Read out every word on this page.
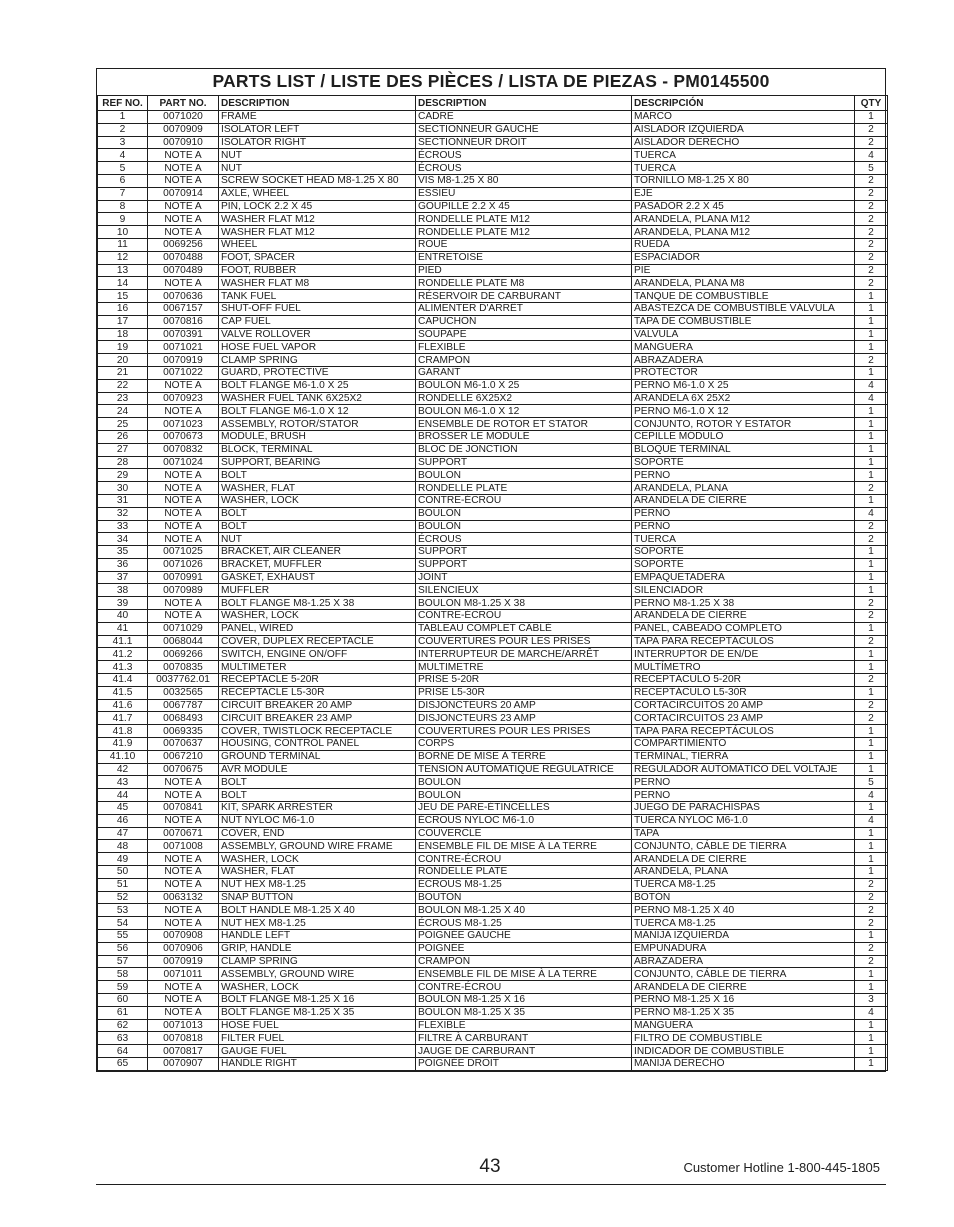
PARTS LIST / LISTE DES PIÈCES / LISTA DE PIEZAS - PM0145500
REF NO.	PART NO.	DESCRIPTION	DESCRIPTION	DESCRIPCIÓN	QTY
1	0071020	FRAME	CADRE	MARCO	1
2	0070909	ISOLATOR LEFT	SECTIONNEUR GAUCHE	AISLADOR IZQUIERDA	2
3	0070910	ISOLATOR RIGHT	SECTIONNEUR DROIT	AISLADOR DERECHO	2
4	NOTE A	NUT	ÉCROUS	TUERCA	4
5	NOTE A	NUT	ÉCROUS	TUERCA	5
6	NOTE A	SCREW SOCKET HEAD M8-1.25 X 80	VIS M8-1.25 X 80	TORNILLO M8-1.25 X 80	2
7	0070914	AXLE, WHEEL	ESSIEU	EJE	2
8	NOTE A	PIN, LOCK 2.2 X 45	GOUPILLE 2.2 X 45	PASADOR 2.2 X 45	2
9	NOTE A	WASHER FLAT M12	RONDELLE PLATE M12	ARANDELA, PLANA M12	2
10	NOTE A	WASHER FLAT M12	RONDELLE PLATE M12	ARANDELA, PLANA M12	2
11	0069256	WHEEL	ROUE	RUEDA	2
12	0070488	FOOT, SPACER	ENTRETOISE	ESPACIADOR	2
13	0070489	FOOT, RUBBER	PIED	PIE	2
14	NOTE A	WASHER FLAT M8	RONDELLE PLATE M8	ARANDELA, PLANA M8	2
15	0070636	TANK FUEL	RÉSERVOIR DE CARBURANT	TANQUE DE COMBUSTIBLE	1
16	0067157	SHUT-OFF FUEL	ALIMENTER D'ARRÊT	ABASTEZCA DE COMBUSTIBLE VÁLVULA	1
17	0070816	CAP FUEL	CAPUCHON	TAPA DE COMBUSTIBLE	1
18	0070391	VALVE ROLLOVER	SOUPAPE	VALVULA	1
19	0071021	HOSE FUEL VAPOR	FLEXIBLE	MANGUERA	1
20	0070919	CLAMP SPRING	CRAMPON	ABRAZADERA	2
21	0071022	GUARD, PROTECTIVE	GARANT	PROTECTOR	1
22	NOTE A	BOLT FLANGE M6-1.0 X 25	BOULON M6-1.0 X 25	PERNO M6-1.0 X 25	4
23	0070923	WASHER FUEL TANK 6X25X2	RONDELLE 6X25X2	ARANDELA 6X 25X2	4
24	NOTE A	BOLT FLANGE M6-1.0 X 12	BOULON M6-1.0 X 12	PERNO M6-1.0 X 12	1
25	0071023	ASSEMBLY, ROTOR/STATOR	ENSEMBLE DE ROTOR ET STATOR	CONJUNTO, ROTOR Y ESTATOR	1
26	0070673	MODULE, BRUSH	BROSSER LE MODULE	CEPILLE MÓDULO	1
27	0070832	BLOCK, TERMINAL	BLOC DE JONCTION	BLOQUE TERMINAL	1
28	0071024	SUPPORT, BEARING	SUPPORT	SOPORTE	1
29	NOTE A	BOLT	BOULON	PERNO	1
30	NOTE A	WASHER, FLAT	RONDELLE PLATE	ARANDELA, PLANA	2
31	NOTE A	WASHER, LOCK	CONTRE-ÉCROU	ARANDELA DE CIERRE	1
32	NOTE A	BOLT	BOULON	PERNO	4
33	NOTE A	BOLT	BOULON	PERNO	2
34	NOTE A	NUT	ÉCROUS	TUERCA	2
35	0071025	BRACKET, AIR CLEANER	SUPPORT	SOPORTE	1
36	0071026	BRACKET, MUFFLER	SUPPORT	SOPORTE	1
37	0070991	GASKET, EXHAUST	JOINT	EMPAQUETADERA	1
38	0070989	MUFFLER	SILENCIEUX	SILENCIADOR	1
39	NOTE A	BOLT FLANGE M8-1.25 X 38	BOULON M8-1.25 X 38	PERNO M8-1.25 X 38	2
40	NOTE A	WASHER, LOCK	CONTRE-ÉCROU	ARANDELA DE CIERRE	2
41	0071029	PANEL, WIRED	TABLEAU COMPLET CÂBLÉ	PANEL, CABEADO COMPLETO	1
41.1	0068044	COVER, DUPLEX RECEPTACLE	COUVERTURES POUR LES PRISES	TAPA PARA RECEPTÁCULOS	2
41.2	0069266	SWITCH, ENGINE ON/OFF	INTERRUPTEUR DE MARCHE/ARRÊT	INTERRUPTOR DE EN/DE	1
41.3	0070835	MULTIMETER	MULTIMETRE	MULTÍMETRO	1
41.4	0037762.01	RECEPTACLE 5-20R	PRISE 5-20R	RECEPTÁCULO 5-20R	2
41.5	0032565	RECEPTACLE L5-30R	PRISE L5-30R	RECEPTÁCULO L5-30R	1
41.6	0067787	CIRCUIT BREAKER 20 AMP	DISJONCTEURS 20 AMP	CORTACIRCUITOS 20 AMP	2
41.7	0068493	CIRCUIT BREAKER 23 AMP	DISJONCTEURS 23 AMP	CORTACIRCUITOS 23 AMP	2
41.8	0069335	COVER, TWISTLOCK RECEPTACLE	COUVERTURES POUR LES PRISES	TAPA PARA RECEPTÁCULOS	1
41.9	0070637	HOUSING, CONTROL PANEL	CORPS	COMPARTIMIENTO	1
41.10	0067210	GROUND TERMINAL	BORNE DE MISE À TERRE	TERMINAL, TIERRA	1
42	0070675	AVR MODULE	TENSION AUTOMATIQUE RÉGULATRICE	REGULADOR AUTOMÁTICO DEL VOLTAJE	1
43	NOTE A	BOLT	BOULON	PERNO	5
44	NOTE A	BOLT	BOULON	PERNO	4
45	0070841	KIT, SPARK ARRESTER	JEU DE PARE-ÉTINCELLES	JUEGO DE PARACHISPAS	1
46	NOTE A	NUT NYLOC M6-1.0	ÉCROUS NYLOC M6-1.0	TUERCA NYLOC M6-1.0	4
47	0070671	COVER, END	COUVERCLE	TAPA	1
48	0071008	ASSEMBLY, GROUND WIRE FRAME	ENSEMBLE FIL DE MISE À LA TERRE	CONJUNTO, CÁBLE DE TIERRA	1
49	NOTE A	WASHER, LOCK	CONTRE-ÉCROU	ARANDELA DE CIERRE	1
50	NOTE A	WASHER, FLAT	RONDELLE PLATE	ARANDELA, PLANA	1
51	NOTE A	NUT HEX M8-1.25	ÉCROUS M8-1.25	TUERCA M8-1.25	2
52	0063132	SNAP BUTTON	BOUTON	BOTÓN	2
53	NOTE A	BOLT HANDLE M8-1.25 X 40	BOULON M8-1.25 X 40	PERNO M8-1.25 X 40	2
54	NOTE A	NUT HEX M8-1.25	ÉCROUS M8-1.25	TUERCA M8-1.25	2
55	0070908	HANDLE LEFT	POIGNÉE GAUCHE	MANIJA IZQUIERDA	1
56	0070906	GRIP, HANDLE	POIGNÉE	EMPUÑADURA	2
57	0070919	CLAMP SPRING	CRAMPON	ABRAZADERA	2
58	0071011	ASSEMBLY, GROUND WIRE	ENSEMBLE FIL DE MISE À LA TERRE	CONJUNTO, CÁBLE DE TIERRA	1
59	NOTE A	WASHER, LOCK	CONTRE-ÉCROU	ARANDELA DE CIERRE	1
60	NOTE A	BOLT FLANGE M8-1.25 X 16	BOULON M8-1.25 X 16	PERNO M8-1.25 X 16	3
61	NOTE A	BOLT FLANGE M8-1.25 X 35	BOULON M8-1.25 X 35	PERNO M8-1.25 X 35	4
62	0071013	HOSE FUEL	FLEXIBLE	MANGUERA	1
63	0070818	FILTER FUEL	FILTRE À CARBURANT	FILTRO DE COMBUSTIBLE	1
64	0070817	GAUGE FUEL	JAUGE DE CARBURANT	INDICADOR DE COMBUSTIBLE	1
65	0070907	HANDLE RIGHT	POIGNÉE DROIT	MANIJA DERECHO	1
43	Customer Hotline 1-800-445-1805
